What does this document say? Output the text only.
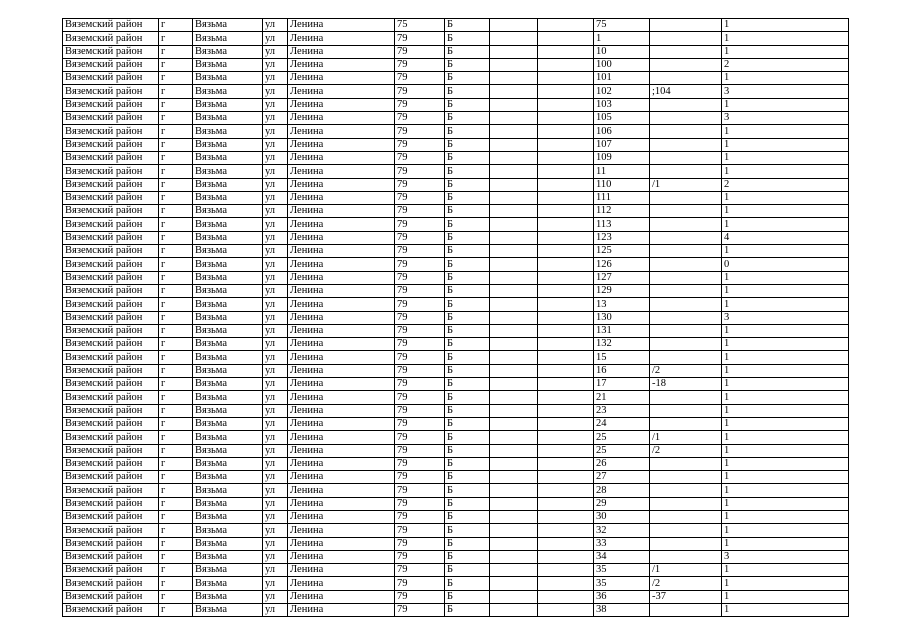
Вяземский район	г	Вязьма	ул	Ленина	75	Б			75		1
Вяземский район	г	Вязьма	ул	Ленина	79	Б			1		1
Вяземский район	г	Вязьма	ул	Ленина	79	Б			10		1
Вяземский район	г	Вязьма	ул	Ленина	79	Б			100		2
Вяземский район	г	Вязьма	ул	Ленина	79	Б			101		1
Вяземский район	г	Вязьма	ул	Ленина	79	Б			102	;104	3
Вяземский район	г	Вязьма	ул	Ленина	79	Б			103		1
Вяземский район	г	Вязьма	ул	Ленина	79	Б			105		3
Вяземский район	г	Вязьма	ул	Ленина	79	Б			106		1
Вяземский район	г	Вязьма	ул	Ленина	79	Б			107		1
Вяземский район	г	Вязьма	ул	Ленина	79	Б			109		1
Вяземский район	г	Вязьма	ул	Ленина	79	Б			11		1
Вяземский район	г	Вязьма	ул	Ленина	79	Б			110	/1	2
Вяземский район	г	Вязьма	ул	Ленина	79	Б			111		1
Вяземский район	г	Вязьма	ул	Ленина	79	Б			112		1
Вяземский район	г	Вязьма	ул	Ленина	79	Б			113		1
Вяземский район	г	Вязьма	ул	Ленина	79	Б			123		4
Вяземский район	г	Вязьма	ул	Ленина	79	Б			125		1
Вяземский район	г	Вязьма	ул	Ленина	79	Б			126		0
Вяземский район	г	Вязьма	ул	Ленина	79	Б			127		1
Вяземский район	г	Вязьма	ул	Ленина	79	Б			129		1
Вяземский район	г	Вязьма	ул	Ленина	79	Б			13		1
Вяземский район	г	Вязьма	ул	Ленина	79	Б			130		3
Вяземский район	г	Вязьма	ул	Ленина	79	Б			131		1
Вяземский район	г	Вязьма	ул	Ленина	79	Б			132		1
Вяземский район	г	Вязьма	ул	Ленина	79	Б			15		1
Вяземский район	г	Вязьма	ул	Ленина	79	Б			16	/2	1
Вяземский район	г	Вязьма	ул	Ленина	79	Б			17	-18	1
Вяземский район	г	Вязьма	ул	Ленина	79	Б			21		1
Вяземский район	г	Вязьма	ул	Ленина	79	Б			23		1
Вяземский район	г	Вязьма	ул	Ленина	79	Б			24		1
Вяземский район	г	Вязьма	ул	Ленина	79	Б			25	/1	1
Вяземский район	г	Вязьма	ул	Ленина	79	Б			25	/2	1
Вяземский район	г	Вязьма	ул	Ленина	79	Б			26		1
Вяземский район	г	Вязьма	ул	Ленина	79	Б			27		1
Вяземский район	г	Вязьма	ул	Ленина	79	Б			28		1
Вяземский район	г	Вязьма	ул	Ленина	79	Б			29		1
Вяземский район	г	Вязьма	ул	Ленина	79	Б			30		1
Вяземский район	г	Вязьма	ул	Ленина	79	Б			32		1
Вяземский район	г	Вязьма	ул	Ленина	79	Б			33		1
Вяземский район	г	Вязьма	ул	Ленина	79	Б			34		3
Вяземский район	г	Вязьма	ул	Ленина	79	Б			35	/1	1
Вяземский район	г	Вязьма	ул	Ленина	79	Б			35	/2	1
Вяземский район	г	Вязьма	ул	Ленина	79	Б			36	-37	1
Вяземский район	г	Вязьма	ул	Ленина	79	Б			38		1
